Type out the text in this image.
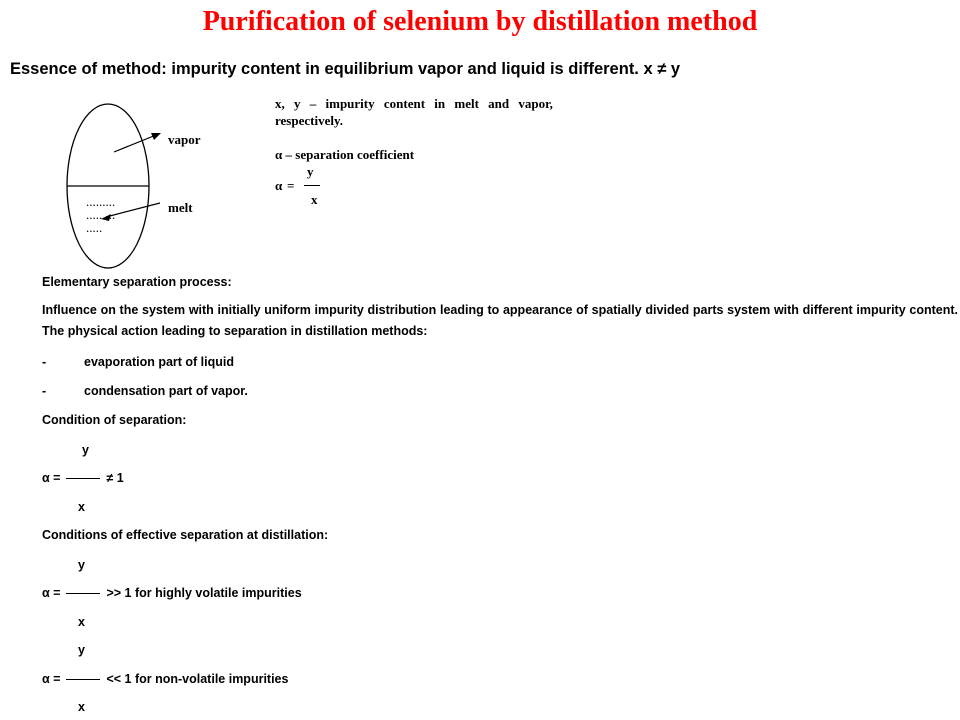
Purification of selenium by distillation method
Essence of method: impurity content in equilibrium vapor and liquid is different. x ≠ y
vapor
melt
.........
.........
.....
x, y – impurity content in melt and vapor,
respectively.
α – separation coefficient
y
α =
x
Elementary separation process:
Influence on the system with initially uniform impurity distribution leading to appearance of spatially divided parts system with different impurity content. The physical action leading to separation in distillation methods:
-	evaporation part of liquid
-	condensation part of vapor.
Condition of separation:
y
α =	≠ 1
x
Conditions of effective separation at distillation:
y
α =	>> 1 for highly volatile impurities
x
y
α =	<< 1 for non-volatile impurities
x
